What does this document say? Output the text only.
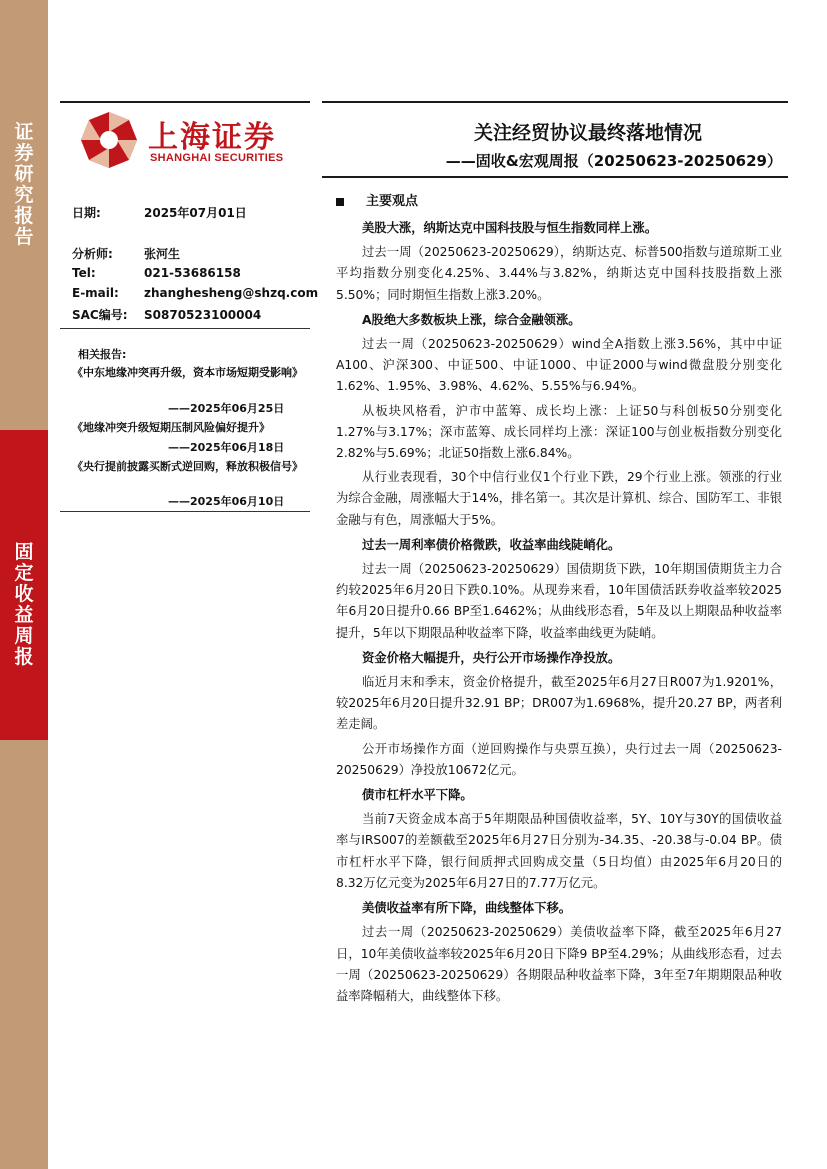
证
券
研
究
报
告
固
定
收
益
周
报
上海证券
SHANGHAI SECURITIES
关注经贸协议最终落地情况
——固收&宏观周报（20250623-20250629）
日期:	2025年07月01日
分析师:	张河生
Tel:	021-53686158
E-mail: zhanghesheng@shzq.com
SAC编号: S0870523100004
相关报告:
《中东地缘冲突再升级，资本市场短期受影响》
——2025年06月25日
《地缘冲突升级短期压制风险偏好提升》
——2025年06月18日
《央行提前披露买断式逆回购，释放积极信号》
——2025年06月10日
主要观点

美股大涨，纳斯达克中国科技股与恒生指数同样上涨。

过去一周（20250623-20250629），纳斯达克、标普500指数与道琼斯工业平均指数分别变化4.25%、3.44%与3.82%，纳斯达克中国科技股指数上涨5.50%；同时期恒生指数上涨3.20%。

A股绝大多数板块上涨，综合金融领涨。

过去一周（20250623-20250629）wind全A指数上涨3.56%，其中中证A100、沪深300、中证500、中证1000、中证2000与wind微盘股分别变化1.62%、1.95%、3.98%、4.62%、5.55%与6.94%。

从板块风格看，沪市中蓝筹、成长均上涨：上证50与科创板50分别变化1.27%与3.17%；深市蓝筹、成长同样均上涨：深证100与创业板指数分别变化2.82%与5.69%；北证50指数上涨6.84%。

从行业表现看，30个中信行业仅1个行业下跌，29个行业上涨。领涨的行业为综合金融，周涨幅大于14%，排名第一。其次是计算机、综合、国防军工、非银金融与有色，周涨幅大于5%。

过去一周利率债价格微跌，收益率曲线陡峭化。

过去一周（20250623-20250629）国债期货下跌，10年期国债期货主力合约较2025年6月20日下跌0.10%。从现券来看，10年国债活跃券收益率较2025年6月20日提升0.66 BP至1.6462%；从曲线形态看，5年及以上期限品种收益率提升，5年以下期限品种收益率下降，收益率曲线更为陡峭。

资金价格大幅提升，央行公开市场操作净投放。

临近月末和季末，资金价格提升，截至2025年6月27日R007为1.9201%，较2025年6月20日提升32.91 BP；DR007为1.6968%，提升20.27 BP，两者利差走阔。

公开市场操作方面（逆回购操作与央票互换），央行过去一周（20250623-20250629）净投放10672亿元。

债市杠杆水平下降。

当前7天资金成本高于5年期限品种国债收益率，5Y、10Y与30Y的国债收益率与IRS007的差额截至2025年6月27日分别为-34.35、-20.38与-0.04 BP。债市杠杆水平下降，银行间质押式回购成交量（5日均值）由2025年6月20日的8.32万亿元变为2025年6月27日的7.77万亿元。

美债收益率有所下降，曲线整体下移。

过去一周（20250623-20250629）美债收益率下降，截至2025年6月27日，10年美债收益率较2025年6月20日下降9 BP至4.29%；从曲线形态看，过去一周（20250623-20250629）各期限品种收益率下降，3年至7年期期限品种收益率降幅稍大，曲线整体下移。
